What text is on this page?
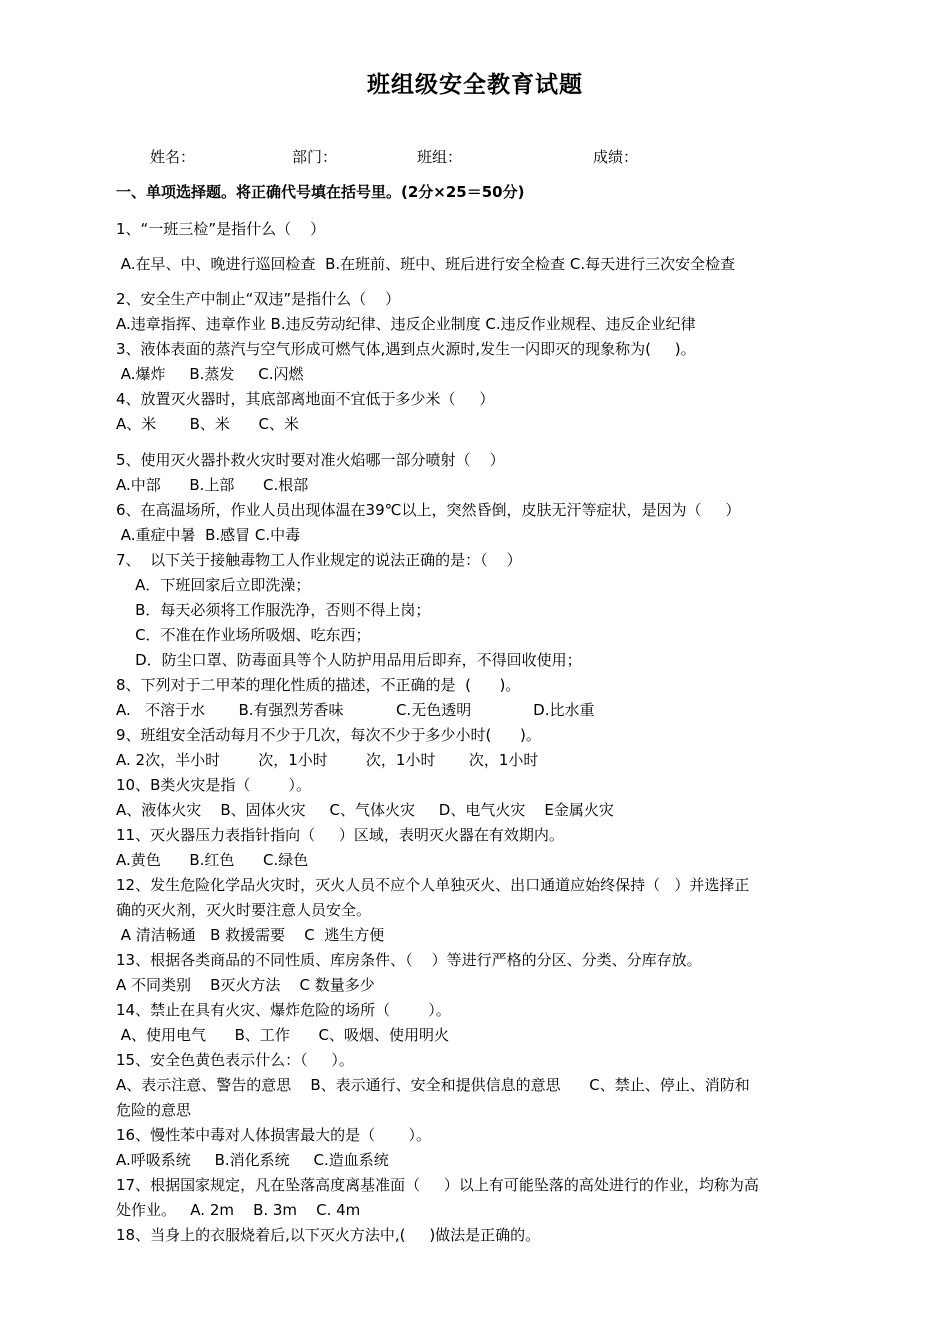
班组级安全教育试题
姓名：	部门：	班组：	成绩：
一、单项选择题。将正确代号填在括号里。(2分×25＝50分)
1、“一班三检”是指什么（    ）
A.在早、中、晚进行巡回检查  B.在班前、班中、班后进行安全检查 C.每天进行三次安全检查
2、安全生产中制止“双违”是指什么（    ）
A.违章指挥、违章作业 B.违反劳动纪律、违反企业制度 C.违反作业规程、违反企业纪律
3、液体表面的蒸汽与空气形成可燃气体,遇到点火源时,发生一闪即灭的现象称为(     )。
A.爆炸     B.蒸发     C.闪燃
4、放置灭火器时，其底部离地面不宜低于多少米（     ）
A、米       B、米      C、米
5、使用灭火器扑救火灾时要对准火焰哪一部分喷射（    ）
A.中部      B.上部      C.根部
6、在高温场所，作业人员出现体温在39℃以上，突然昏倒，皮肤无汗等症状，是因为（     ）
A.重症中暑  B.感冒 C.中毒
7、  以下关于接触毒物工人作业规定的说法正确的是：（    ）
A．下班回家后立即洗澡；
B．每天必须将工作服洗净，否则不得上岗；
C．不准在作业场所吸烟、吃东西；
D．防尘口罩、防毒面具等个人防护用品用后即弃，不得回收使用；
8、下列对于二甲苯的理化性质的描述，不正确的是  (      )。
A.   不溶于水       B.有强烈芳香味           C.无色透明             D.比水重
9、班组安全活动每月不少于几次，每次不少于多少小时(      )。
A. 2次，半小时        次，1小时        次，1小时       次，1小时
10、B类火灾是指（        ）。
A、液体火灾    B、固体火灾     C、气体火灾     D、电气火灾    E金属火灾
11、灭火器压力表指针指向（     ）区域，表明灭火器在有效期内。
A.黄色      B.红色      C.绿色
12、发生危险化学品火灾时，灭火人员不应个人单独灭火、出口通道应始终保持（   ）并选择正
确的灭火剂，灭火时要注意人员安全。
A 清洁畅通   B 救援需要    C  逃生方便
13、根据各类商品的不同性质、库房条件、（    ）等进行严格的分区、分类、分库存放。
A 不同类别    B灭火方法    C 数量多少
14、禁止在具有火灾、爆炸危险的场所（        ）。
A、使用电气      B、工作      C、吸烟、使用明火
15、安全色黄色表示什么：（     ）。
A、表示注意、警告的意思    B、表示通行、安全和提供信息的意思      C、禁止、停止、消防和
危险的意思
16、慢性苯中毒对人体损害最大的是（       ）。
A.呼吸系统     B.消化系统     C.造血系统
17、根据国家规定，凡在坠落高度离基准面（     ）以上有可能坠落的高处进行的作业，均称为高
处作业。   A. 2m    B. 3m    C. 4m
18、当身上的衣服烧着后,以下灭火方法中,(     )做法是正确的。
